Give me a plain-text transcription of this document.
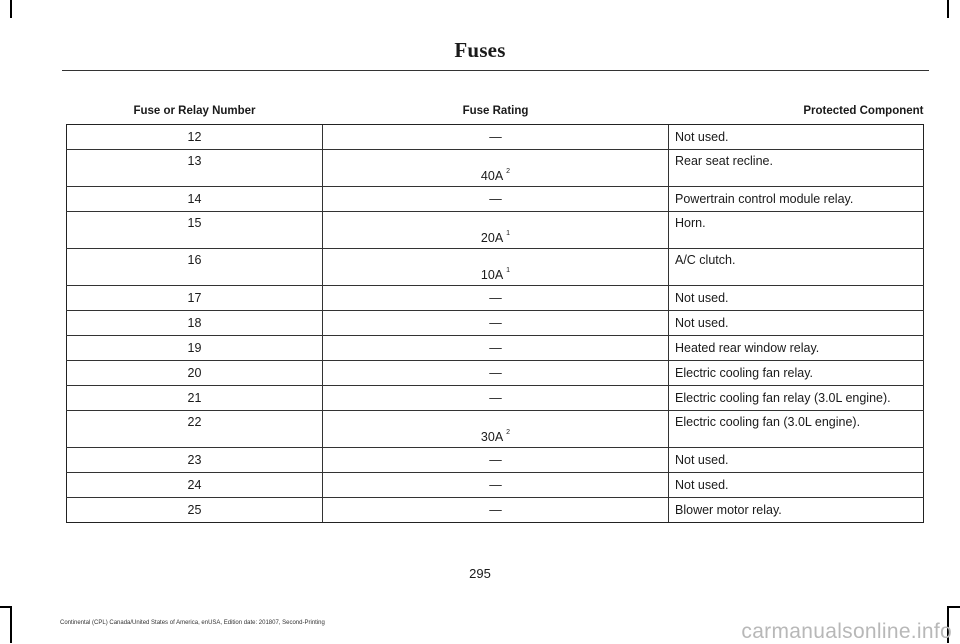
Fuses
Fuse or Relay Number	Fuse Rating	Protected Component
12	—	Not used.
13	40A $^2$	Rear seat recline.
14	—	Powertrain control module relay.
15	20A $^1$	Horn.
16	10A $^1$	A/C clutch.
17	—	Not used.
18	—	Not used.
19	—	Heated rear window relay.
20	—	Electric cooling fan relay.
21	—	Electric cooling fan relay (3.0L engine).
22	30A $^2$	Electric cooling fan (3.0L engine).
23	—	Not used.
24	—	Not used.
25	—	Blower motor relay.
295
Continental (CPL) Canada/United States of America, enUSA, Edition date: 201807, Second-Printing	carmanualsonline.info
